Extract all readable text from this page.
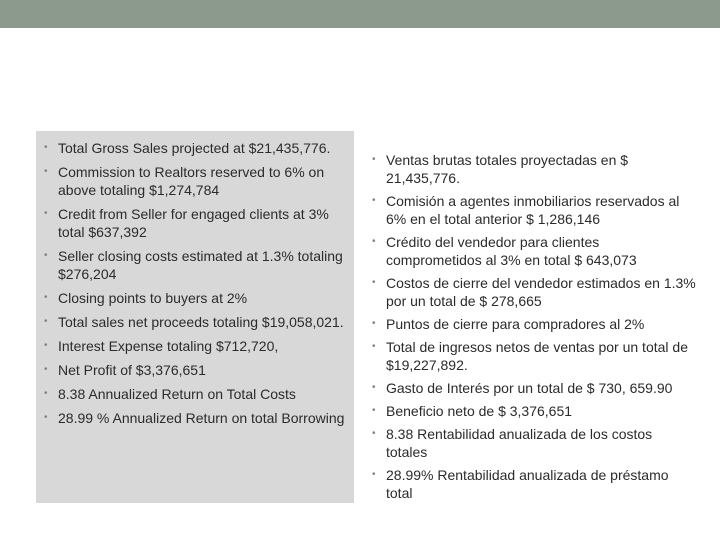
• Total Gross Sales projected at $21,435,776.
• Commission to Realtors reserved to 6% on above totaling $1,274,784
• Credit from Seller for engaged clients at 3% total $637,392
• Seller closing costs estimated at 1.3% totaling $276,204
• Closing points to buyers at 2%
• Total sales net proceeds totaling $19,058,021.
• Interest Expense totaling $712,720,
• Net Profit of $3,376,651
• 8.38 Annualized Return on Total Costs
• 28.99 % Annualized Return on total Borrowing
• Ventas brutas totales proyectadas en $ 21,435,776.
• Comisión a agentes inmobiliarios reservados al 6% en el total anterior $ 1,286,146
• Crédito del vendedor para clientes comprometidos al 3% en total $ 643,073
• Costos de cierre del vendedor estimados en 1.3% por un total de $ 278,665
• Puntos de cierre para compradores al 2%
• Total de ingresos netos de ventas por un total de $19,227,892.
• Gasto de Interés por un total de $ 730, 659.90
• Beneficio neto de $ 3,376,651
• 8.38 Rentabilidad anualizada de los costos totales
• 28.99% Rentabilidad anualizada de préstamo total
